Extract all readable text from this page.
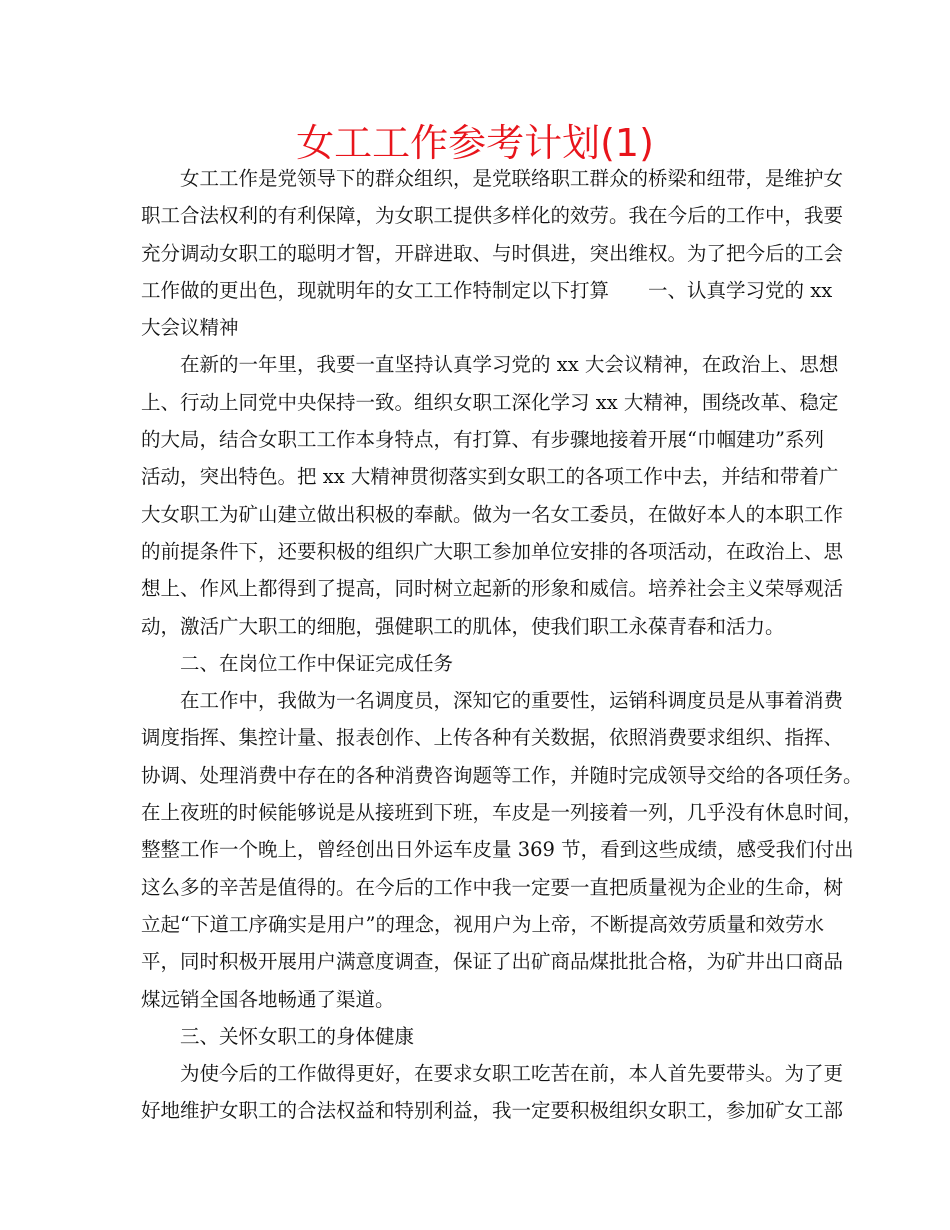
女工工作参考计划(1)
女工工作是党领导下的群众组织，是党联络职工群众的桥梁和纽带，是维护女
职工合法权利的有利保障，为女职工提供多样化的效劳。我在今后的工作中，我要
充分调动女职工的聪明才智，开辟进取、与时俱进，突出维权。为了把今后的工会
工作做的更出色，现就明年的女工工作特制定以下打算　　一、认真学习党的 xx
大会议精神
在新的一年里，我要一直坚持认真学习党的 xx 大会议精神，在政治上、思想
上、行动上同党中央保持一致。组织女职工深化学习 xx 大精神，围绕改革、稳定
的大局，结合女职工工作本身特点，有打算、有步骤地接着开展“巾帼建功”系列
活动，突出特色。把 xx 大精神贯彻落实到女职工的各项工作中去，并结和带着广
大女职工为矿山建立做出积极的奉献。做为一名女工委员，在做好本人的本职工作
的前提条件下，还要积极的组织广大职工参加单位安排的各项活动，在政治上、思
想上、作风上都得到了提高，同时树立起新的形象和威信。培养社会主义荣辱观活
动，激活广大职工的细胞，强健职工的肌体，使我们职工永葆青春和活力。
二、在岗位工作中保证完成任务
在工作中，我做为一名调度员，深知它的重要性，运销科调度员是从事着消费
调度指挥、集控计量、报表创作、上传各种有关数据，依照消费要求组织、指挥、
协调、处理消费中存在的各种消费咨询题等工作，并随时完成领导交给的各项任务。
在上夜班的时候能够说是从接班到下班，车皮是一列接着一列，几乎没有休息时间，
整整工作一个晚上，曾经创出日外运车皮量 369 节，看到这些成绩，感受我们付出
这么多的辛苦是值得的。在今后的工作中我一定要一直把质量视为企业的生命，树
立起“下道工序确实是用户”的理念，视用户为上帝，不断提高效劳质量和效劳水
平，同时积极开展用户满意度调查，保证了出矿商品煤批批合格，为矿井出口商品
煤远销全国各地畅通了渠道。
三、关怀女职工的身体健康
为使今后的工作做得更好，在要求女职工吃苦在前，本人首先要带头。为了更
好地维护女职工的合法权益和特别利益，我一定要积极组织女职工，参加矿女工部
